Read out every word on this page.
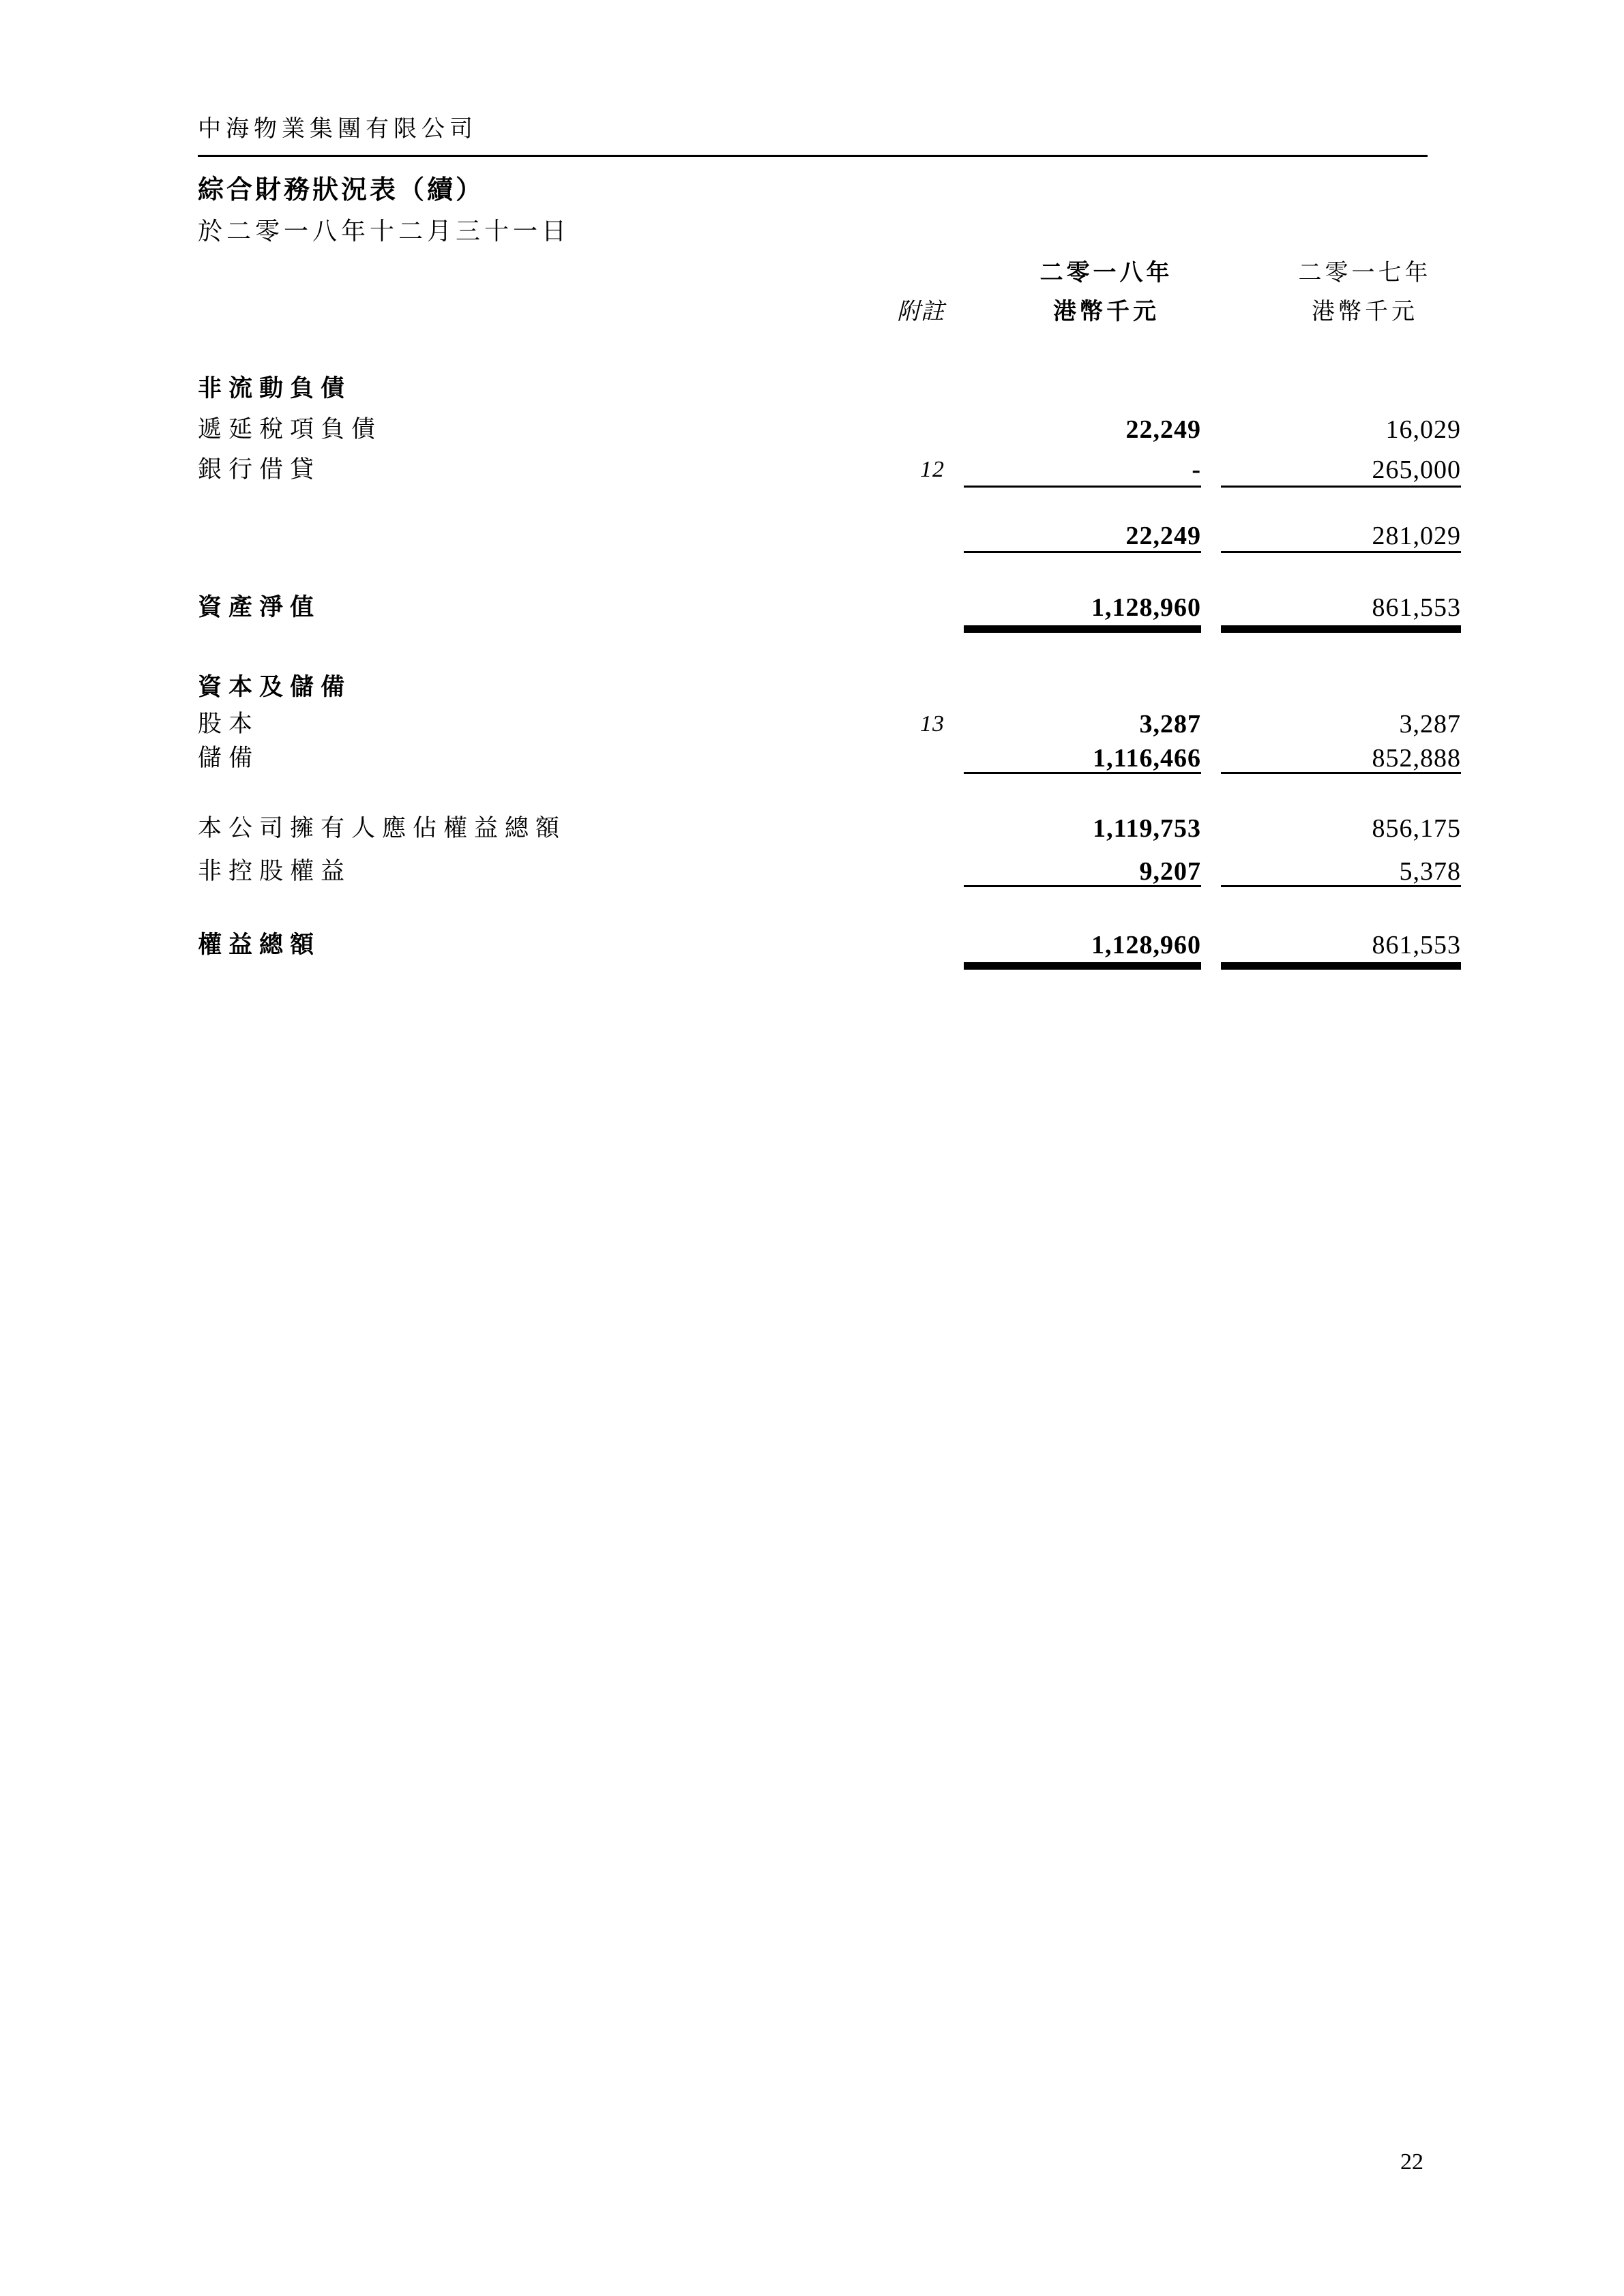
中海物業集團有限公司
綜合財務狀況表（續）
於二零一八年十二月三十一日
二零一八年	二零一七年
附註	港幣千元	港幣千元
非流動負債
遞延稅項負債	22,249	16,029
銀行借貸	12	-	265,000
22,249	281,029
資產淨值	1,128,960	861,553
資本及儲備
股本	13	3,287	3,287
儲備	1,116,466	852,888
本公司擁有人應佔權益總額	1,119,753	856,175
非控股權益	9,207	5,378
權益總額	1,128,960	861,553
22
